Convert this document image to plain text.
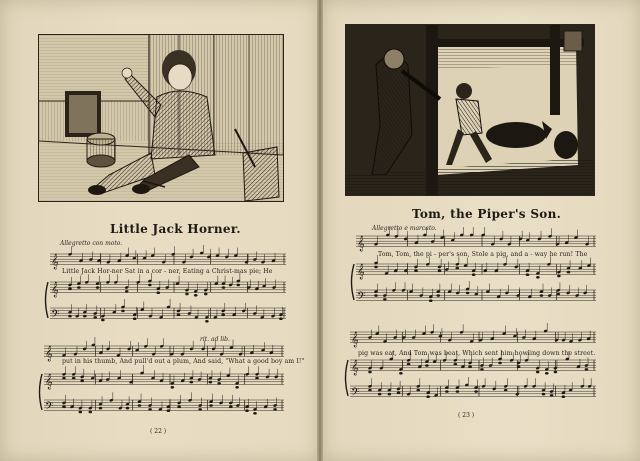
Little Jack Horner.
Tom, the Piper's Son.
Allegretto con moto.
Allegretto e marcato.
rit. ad lib.
Little Jack Hor-ner Sat in a cor - ner, Eating a Christ-mas pie; He
put in his thumb, And pull'd out a plum, And said, "What a good boy am I!"
Tom, Tom, the pi - per's son, Stole a pig, and a - way he run! The
pig was eat, And Tom was beat, Which sent him howling down the street.
( 22 )
( 23 )
𝄞
𝄞
𝄢
𝄞
𝄞
𝄢
𝄞
𝄞
𝄢
𝄞
𝄞
𝄢
